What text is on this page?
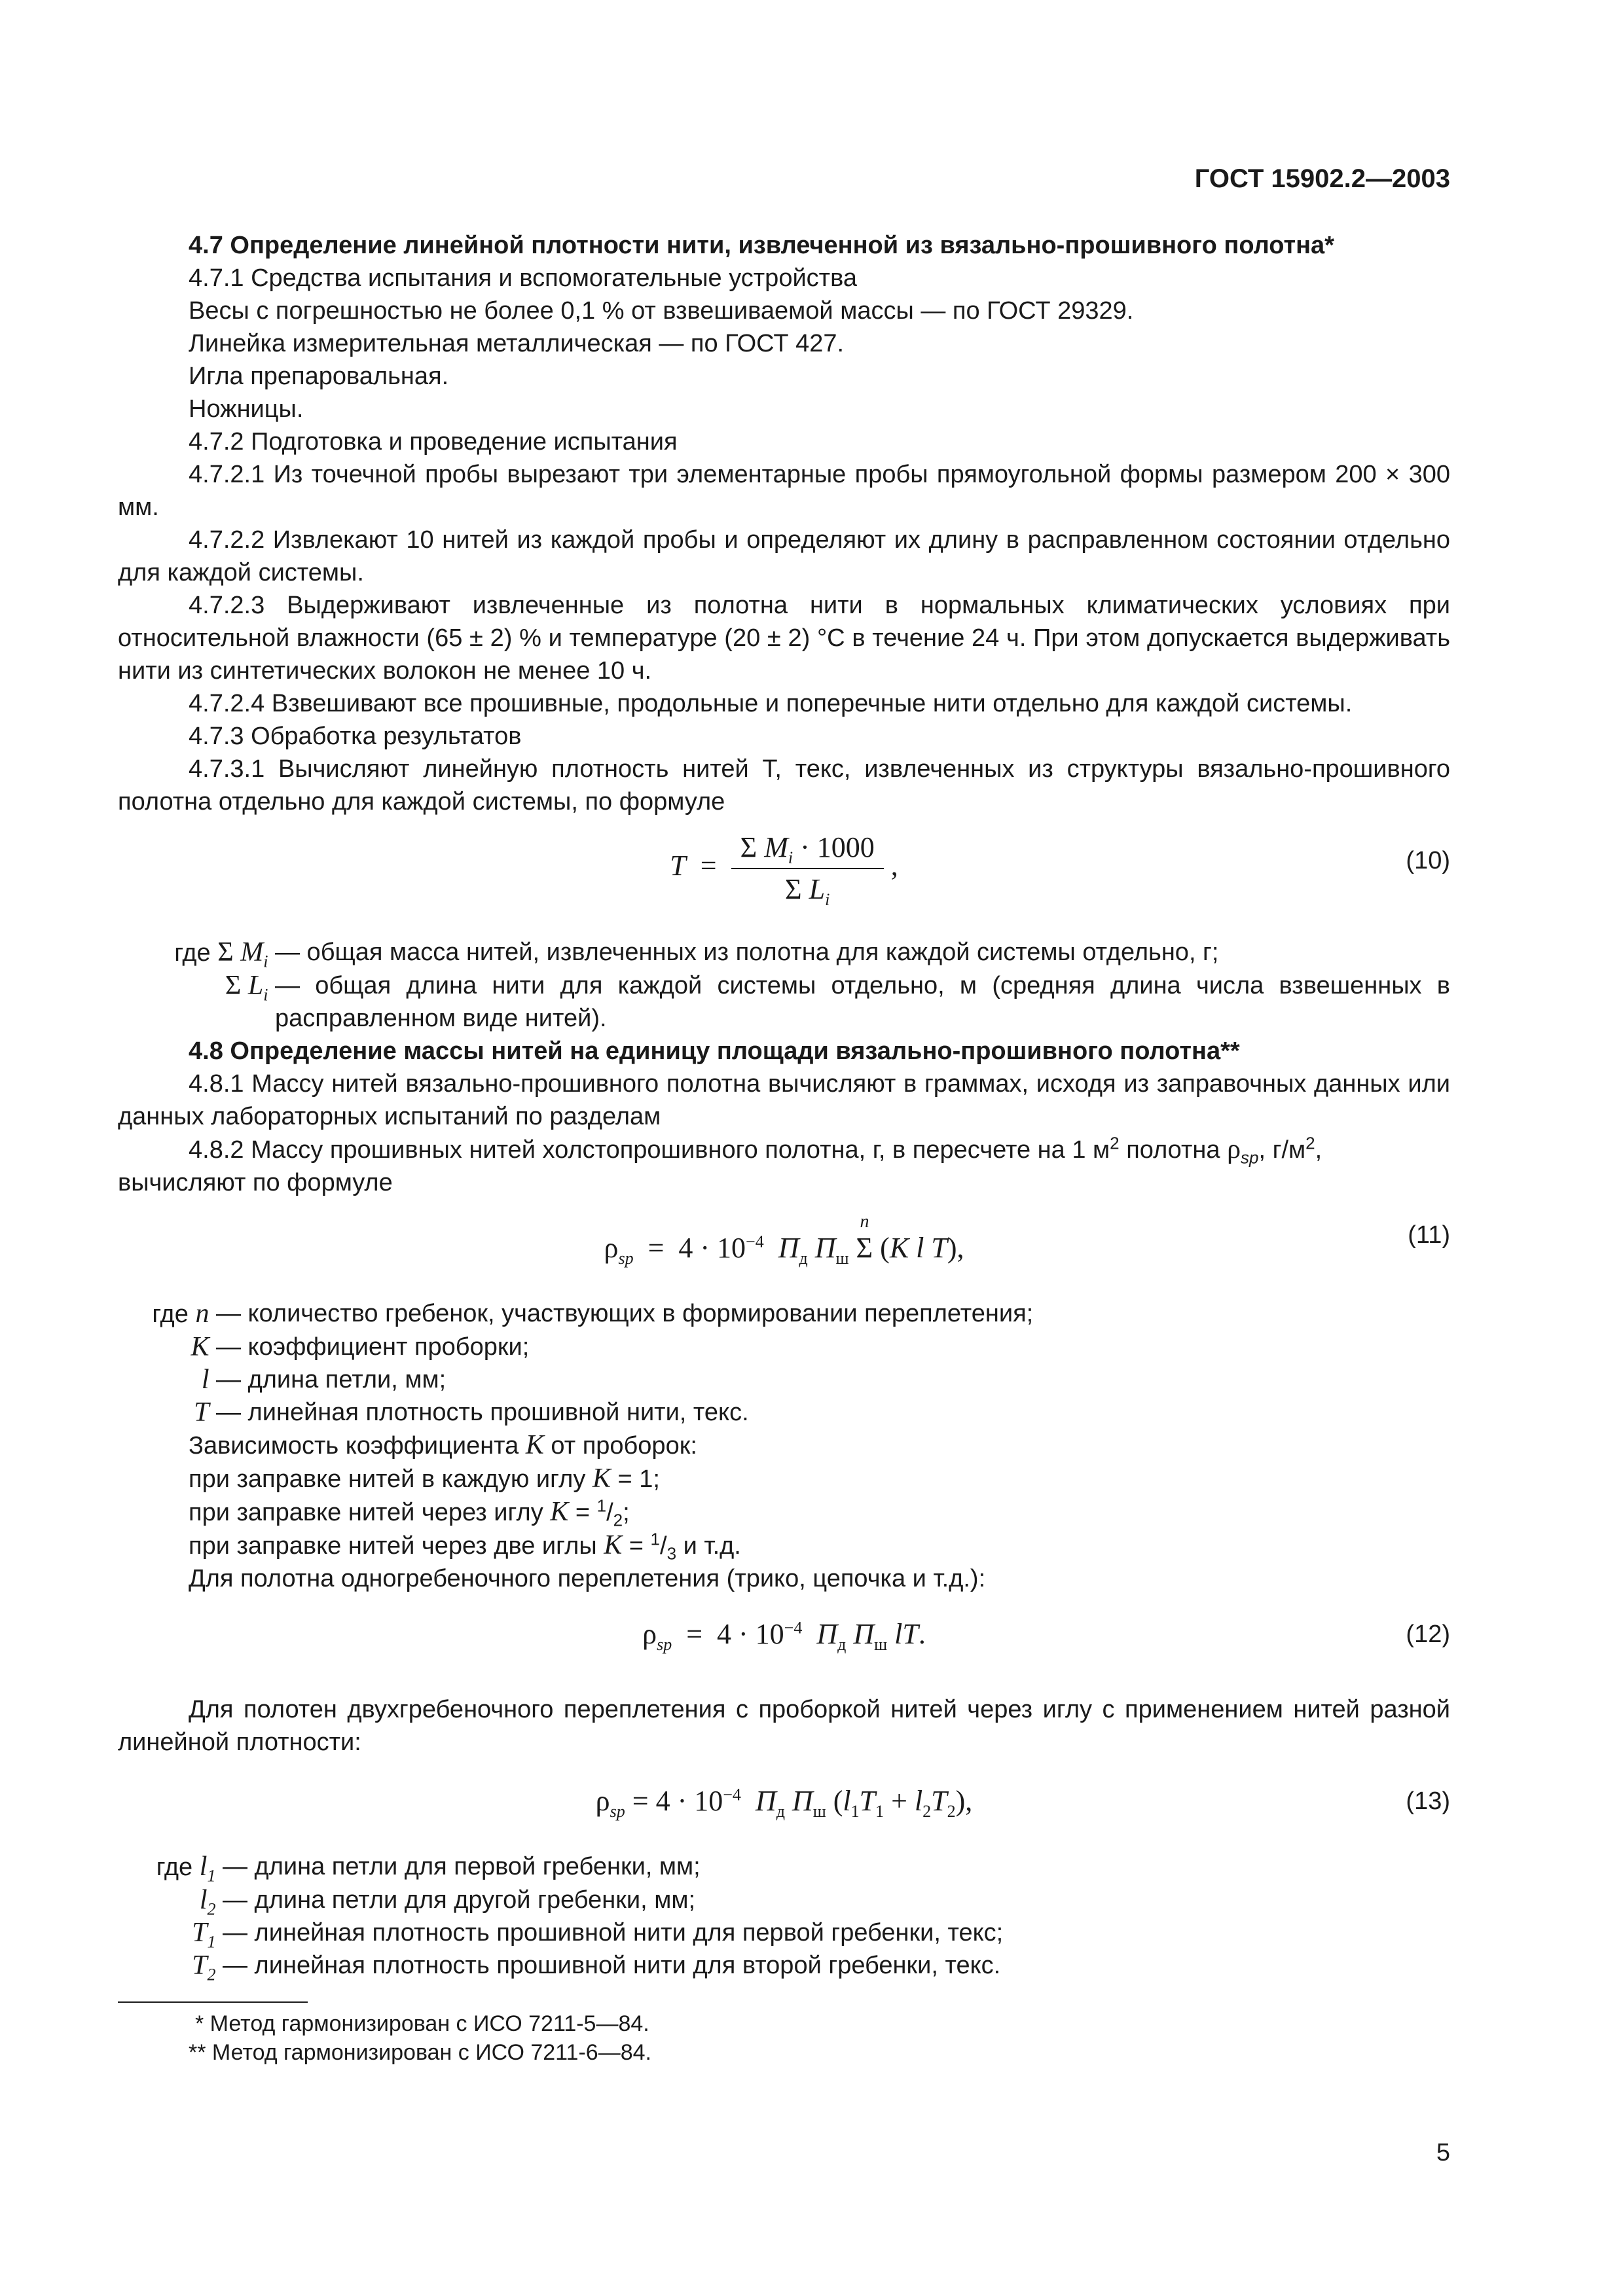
ГОСТ 15902.2—2003

4.7 Определение линейной плотности нити, извлеченной из вязально-прошивного полотна*

4.7.1 Средства испытания и вспомогательные устройства

Весы с погрешностью не более 0,1 % от взвешиваемой массы — по ГОСТ 29329.

Линейка измерительная металлическая — по ГОСТ 427.

Игла препаровальная.

Ножницы.

4.7.2 Подготовка и проведение испытания

4.7.2.1 Из точечной пробы вырезают три элементарные пробы прямоугольной формы размером 200 × 300 мм.

4.7.2.2 Извлекают 10 нитей из каждой пробы и определяют их длину в расправленном состоянии отдельно для каждой системы.

4.7.2.3 Выдерживают извлеченные из полотна нити в нормальных климатических условиях при относительной влажности (65 ± 2) % и температуре (20 ± 2) °С в течение 24 ч. При этом допускается выдерживать нити из синтетических волокон не менее 10 ч.

4.7.2.4 Взвешивают все прошивные, продольные и поперечные нити отдельно для каждой системы.

4.7.3 Обработка результатов

4.7.3.1 Вычисляют линейную плотность нитей Т, текс, извлеченных из структуры вязально-прошивного полотна отдельно для каждой системы, по формуле

$T = \frac{\Sigma M_i \cdot 1000}{\Sigma L_i}$ ,	(10)
где Σ $M_i$ — общая масса нитей, извлеченных из полотна для каждой системы отдельно, г;
Σ $L_i$ — общая длина нити для каждой системы отдельно, м (средняя длина числа взвешенных в расправленном виде нитей).

4.8 Определение массы нитей на единицу площади вязально-прошивного полотна**

4.8.1 Массу нитей вязально-прошивного полотна вычисляют в граммах, исходя из заправочных данных или данных лабораторных испытаний по разделам

4.8.2 Массу прошивных нитей холстопрошивного полотна, г, в пересчете на 1 $м^2$ полотна $\rho_{sp}$, $г/м^2$,

вычисляют по формуле

$\rho_{sp} = 4 \cdot 10^{-4}$ $П_д$ $П_ш$ Σ
n
(K l T),	(11)
где n — количество гребенок, участвующих в формировании переплетения;
K — коэффициент проборки;
l — длина петли, мм;
T — линейная плотность прошивной нити, текс.

Зависимость коэффициента K от проборок:

при заправке нитей в каждую иглу K = 1;

при заправке нитей через иглу $K = ^1/_2$;

при заправке нитей через две иглы $K = ^1/_3$ и т.д.

Для полотна одногребеночного переплетения (трико, цепочка и т.д.):

$\rho_{sp} = 4 \cdot 10^{-4}$ $П_д$ $П_ш$ lT.	(12)

Для полотен двухгребеночного переплетения с проборкой нитей через иглу с применением нитей разной линейной плотности:

$\rho_{sp} = 4 \cdot 10^{-4}$ $П_д$ $П_ш$ $(l_1T_1 + l_2T_2)$,	(13)
где $l_1$ — длина петли для первой гребенки, мм;
$l_2$ — длина петли для другой гребенки, мм;
$T_1$ — линейная плотность прошивной нити для первой гребенки, текс;
$T_2$ — линейная плотность прошивной нити для второй гребенки, текс.

* Метод гармонизирован с ИСО 7211-5—84.

** Метод гармонизирован с ИСО 7211-6—84.

5
